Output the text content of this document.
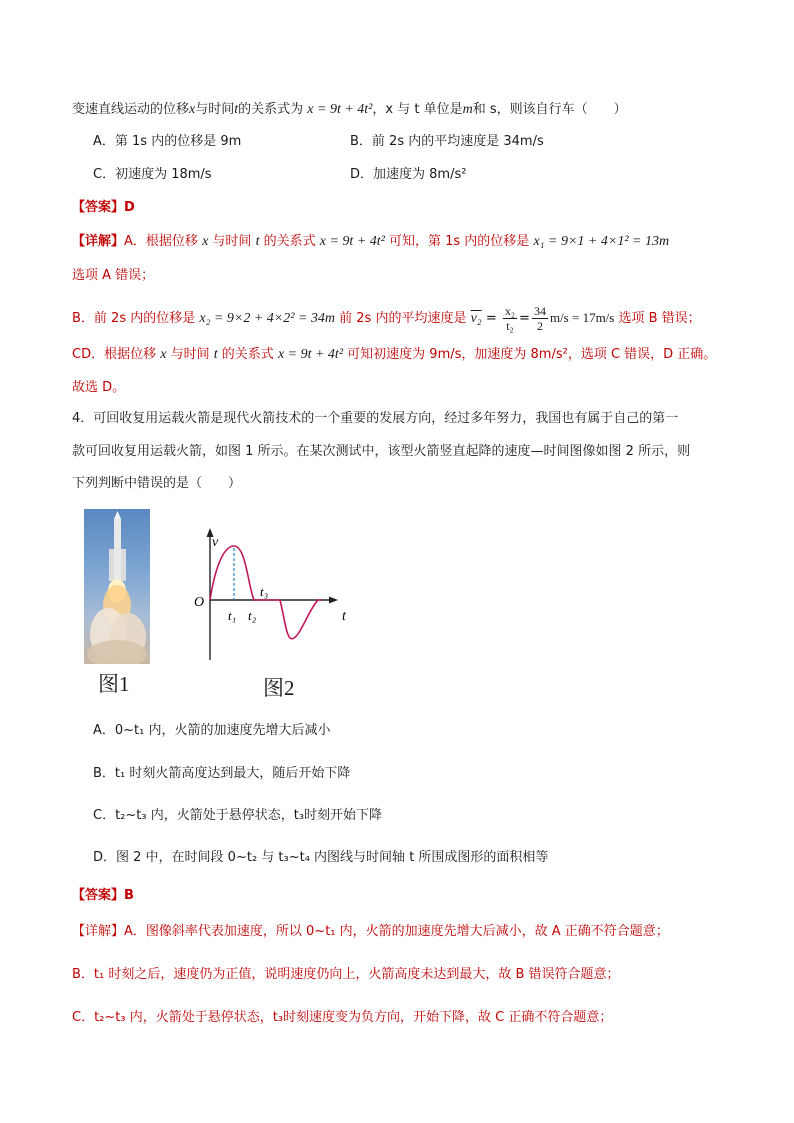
变速直线运动的位移x与时间t的关系式为 x = 9t + 4t²，x 与 t 单位是m和 s，则该自行车（　　）
A．第 1s 内的位移是 9m	B．前 2s 内的平均速度是 34m/s
C．初速度为 18m/s	D．加速度为 8m/s²
【答案】D
【详解】A．根据位移 x 与时间 t 的关系式 x = 9t + 4t² 可知，第 1s 内的位移是 x₁ = 9×1 + 4×1² = 13m
选项 A 错误；
B．前 2s 内的位移是 x₂ = 9×2 + 4×2² = 34m 前 2s 内的平均速度是 $v_2 = \frac{\text{x₂}}{\text{t₂}} = \frac{34}{2} m/s = 17m/s$ 选项 B 错误；
CD．根据位移 x 与时间 t 的关系式 x = 9t + 4t² 可知初速度为 9m/s，加速度为 8m/s²，选项 C 错误，D 正确。
故选 D。
4．可回收复用运载火箭是现代火箭技术的一个重要的发展方向，经过多年努力，我国也有属于自己的第一
款可回收复用运载火箭，如图 1 所示。在某次测试中，该型火箭竖直起降的速度—时间图像如图 2 所示，则
下列判断中错误的是（　　）
图1
v
t
O
t₁ t₂
t₃
图2
A．0~t₁ 内，火箭的加速度先增大后减小
B．t₁ 时刻火箭高度达到最大，随后开始下降
C．t₂~t₃ 内，火箭处于悬停状态，t₃时刻开始下降
D．图 2 中，在时间段 0~t₂ 与 t₃~t₄ 内图线与时间轴 t 所围成图形的面积相等
【答案】B
【详解】A．图像斜率代表加速度，所以 0~t₁ 内，火箭的加速度先增大后减小，故 A 正确不符合题意；
B．t₁ 时刻之后，速度仍为正值，说明速度仍向上，火箭高度未达到最大，故 B 错误符合题意；
C．t₂~t₃ 内，火箭处于悬停状态，t₃时刻速度变为负方向，开始下降，故 C 正确不符合题意；
